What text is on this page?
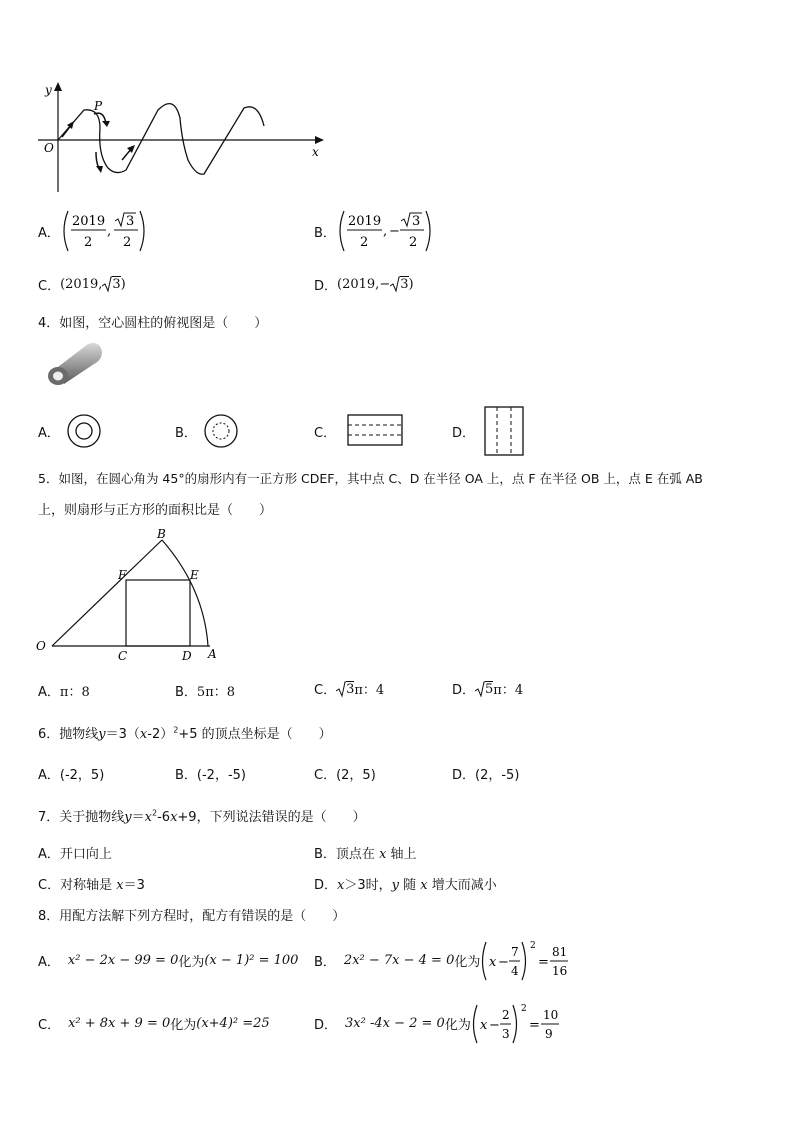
y
x
O
P
A．
2019
2
,
3
2
B．
2019
2
, −
3
2
C． (2019, 3 )	D． (2019, − 3 )
4．如图，空心圆柱的俯视图是（　　）
A．	B．	C．	D．
5．如图，在圆心角为 45°的扇形内有一正方形 CDEF，其中点 C、D 在半径 OA 上，点 F 在半径 OB 上，点 E 在弧 AB
上，则扇形与正方形的面积比是（　　）
O
A
B
C	D
E
F
A． π：8	B． 5π：8	C． 3 π：4	D． 5 π：4
6．抛物线$y=3(x-2)^2+5$ 的顶点坐标是（　　）
A．(-2，5)	B．(-2，-5)	C．(2，5)	D．(2，-5)
7．关于抛物线$y=x^2-6x+9$，下列说法错误的是（　　）
A．开口向上	B．顶点在 x 轴上
C．对称轴是 x＝3	D．x＞3时，y 随 x 增大而减小
8．用配方法解下列方程时，配方有错误的是（　　）
A． x² − 2x − 99 = 0 化为 (x − 1)² = 100 B． 2x² − 7x − 4 = 0 化为 x −
7
4
2
=
81
16
C． x² + 8x + 9 = 0 化为 (x+4)² =25	D． 3x² -4x − 2 = 0 化为 x −
2
3
2
=
10
9
